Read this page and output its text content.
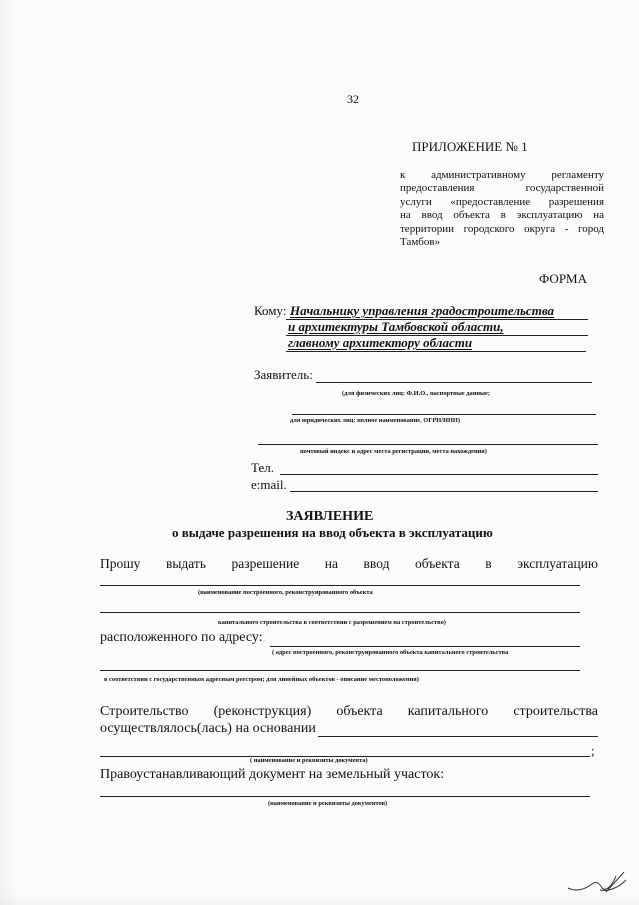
32
ПРИЛОЖЕНИЕ № 1
к административному регламенту
предоставления государственной
услуги «предоставление разрешения
на ввод объекта в эксплуатацию на
территории городского округа - город
Тамбов»
ФОРМА
Кому: Начальнику управления градостроительства
и архитектуры Тамбовской области,
главному архитектору области
Заявитель:
(для физических лиц: Ф.И.О., паспортные данные;
для юридических лиц: полное наименование, ОГРН/ИНН)
почтовый индекс и адрес места регистрации, места нахождения)
Тел.
e:mail.
ЗАЯВЛЕНИЕ
о выдаче разрешения на ввод объекта в эксплуатацию
Прошу выдать разрешение на ввод объекта в эксплуатацию
(наименование построенного, реконструированного объекта
капитального строительства в соответствии с разрешением на строительство)
расположенного по адресу:
( адрес построенного, реконструированного объекта капитального строительства
в соответствии с государственным адресным реестром; для линейных объектов - описание местоположения)
Строительство (реконструкция) объекта капитального строительства
осуществлялось(лась) на основании
;
( наименование и реквизиты документа)
Правоустанавливающий документ на земельный участок:
(наименование и реквизиты документов)
